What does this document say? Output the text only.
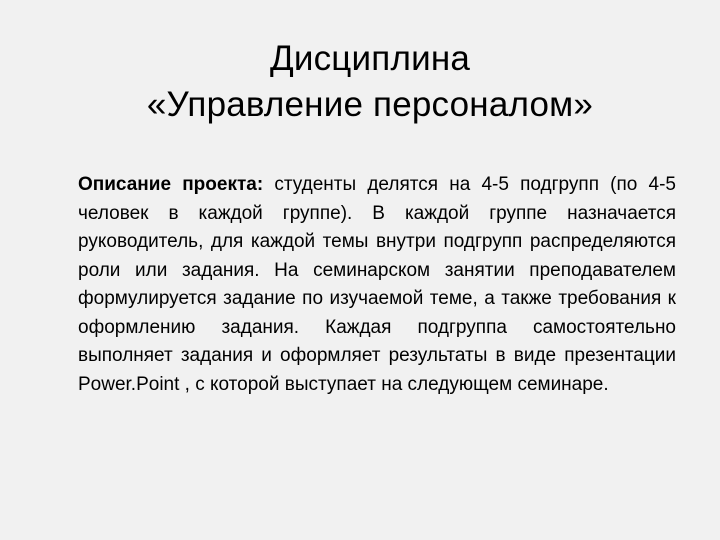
Дисциплина
«Управление персоналом»
Описание проекта: студенты делятся на 4-5 подгрупп (по 4-5 человек в каждой группе). В каждой группе назначается руководитель, для каждой темы внутри подгрупп распределяются роли или задания. На семинарском занятии преподавателем формулируется задание по изучаемой теме, а также требования к оформлению задания. Каждая подгруппа самостоятельно выполняет задания и оформляет результаты в виде презентации Power.Point , с которой выступает на следующем семинаре.
